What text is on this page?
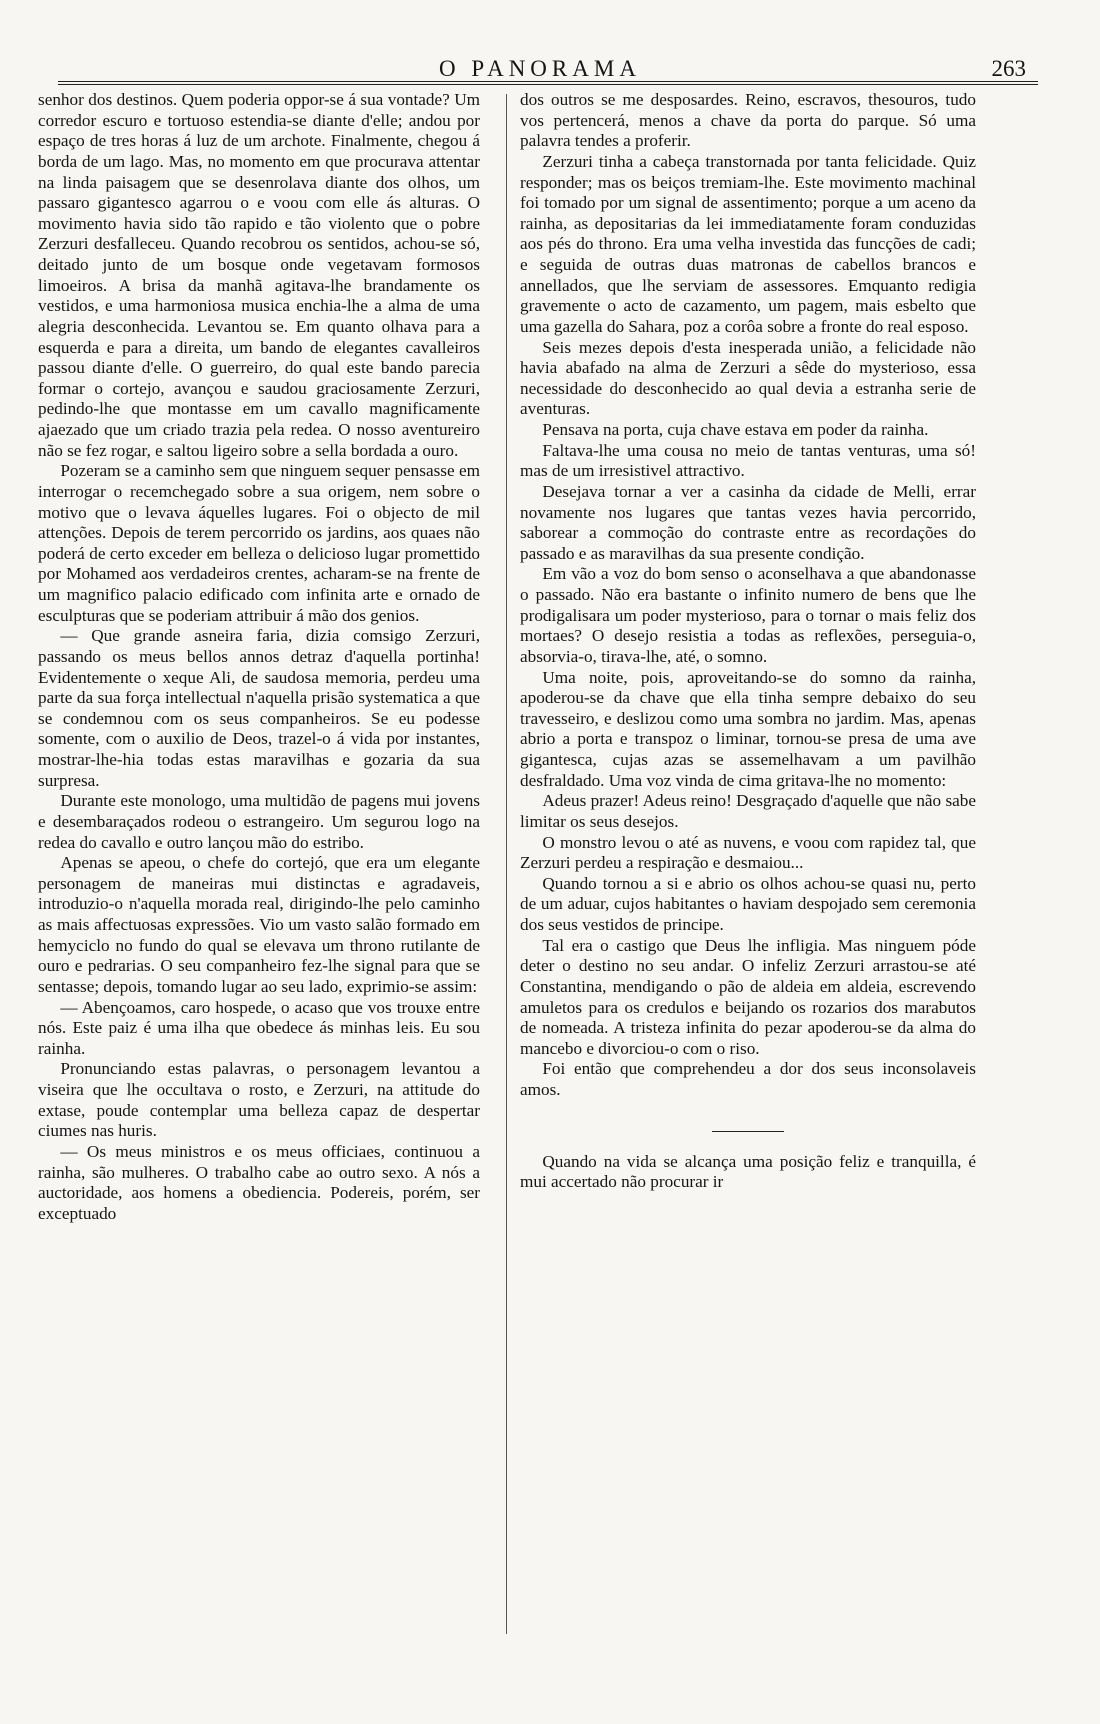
O PANORAMA	263

senhor dos destinos. Quem poderia oppor-se á sua vontade? Um corredor escuro e tortuoso estendia-se diante d'elle; andou por espaço de tres horas á luz de um archote. Finalmente, chegou á borda de um lago. Mas, no momento em que procurava attentar na linda paisagem que se desenrolava diante dos olhos, um passaro gigantesco agarrou o e voou com elle ás alturas. O movimento havia sido tão rapido e tão violento que o pobre Zerzuri desfalleceu. Quando recobrou os sentidos, achou-se só, deitado junto de um bosque onde vegetavam formosos limoeiros. A brisa da manhã agitava-lhe brandamente os vestidos, e uma harmoniosa musica enchia-lhe a alma de uma alegria desconhecida. Levantou se. Em quanto olhava para a esquerda e para a direita, um bando de elegantes cavalleiros passou diante d'elle. O guerreiro, do qual este bando parecia formar o cortejo, avançou e saudou graciosamente Zerzuri, pedindo-lhe que montasse em um cavallo magnificamente ajaezado que um criado trazia pela redea. O nosso aventureiro não se fez rogar, e saltou ligeiro sobre a sella bordada a ouro.

Pozeram se a caminho sem que ninguem sequer pensasse em interrogar o recemchegado sobre a sua origem, nem sobre o motivo que o levava áquelles lugares. Foi o objecto de mil attenções. Depois de terem percorrido os jardins, aos quaes não poderá de certo exceder em belleza o delicioso lugar promettido por Mohamed aos verdadeiros crentes, acharam-se na frente de um magnifico palacio edificado com infinita arte e ornado de esculpturas que se poderiam attribuir á mão dos genios.

— Que grande asneira faria, dizia comsigo Zerzuri, passando os meus bellos annos detraz d'aquella portinha! Evidentemente o xeque Ali, de saudosa memoria, perdeu uma parte da sua força intellectual n'aquella prisão systematica a que se condemnou com os seus companheiros. Se eu podesse somente, com o auxilio de Deos, trazel-o á vida por instantes, mostrar-lhe-hia todas estas maravilhas e gozaria da sua surpresa.

Durante este monologo, uma multidão de pagens mui jovens e desembaraçados rodeou o estrangeiro. Um segurou logo na redea do cavallo e outro lançou mão do estribo.

Apenas se apeou, o chefe do cortejó, que era um elegante personagem de maneiras mui distinctas e agradaveis, introduzio-o n'aquella morada real, dirigindo-lhe pelo caminho as mais affectuosas expressões. Vio um vasto salão formado em hemyciclo no fundo do qual se elevava um throno rutilante de ouro e pedrarias. O seu companheiro fez-lhe signal para que se sentasse; depois, tomando lugar ao seu lado, exprimio-se assim:

— Abençoamos, caro hospede, o acaso que vos trouxe entre nós. Este paiz é uma ilha que obedece ás minhas leis. Eu sou rainha.

Pronunciando estas palavras, o personagem levantou a viseira que lhe occultava o rosto, e Zerzuri, na attitude do extase, poude contemplar uma belleza capaz de despertar ciumes nas huris.

— Os meus ministros e os meus officiaes, continuou a rainha, são mulheres. O trabalho cabe ao outro sexo. A nós a auctoridade, aos homens a obediencia. Podereis, porém, ser exceptuado

dos outros se me desposardes. Reino, escravos, thesouros, tudo vos pertencerá, menos a chave da porta do parque. Só uma palavra tendes a proferir.

Zerzuri tinha a cabeça transtornada por tanta felicidade. Quiz responder; mas os beiços tremiam-lhe. Este movimento machinal foi tomado por um signal de assentimento; porque a um aceno da rainha, as depositarias da lei immediatamente foram conduzidas aos pés do throno. Era uma velha investida das funcções de cadi; e seguida de outras duas matronas de cabellos brancos e annellados, que lhe serviam de assessores. Emquanto redigia gravemente o acto de cazamento, um pagem, mais esbelto que uma gazella do Sahara, poz a corôa sobre a fronte do real esposo.

Seis mezes depois d'esta inesperada união, a felicidade não havia abafado na alma de Zerzuri a sêde do mysterioso, essa necessidade do desconhecido ao qual devia a estranha serie de aventuras.

Pensava na porta, cuja chave estava em poder da rainha.

Faltava-lhe uma cousa no meio de tantas venturas, uma só! mas de um irresistivel attractivo.

Desejava tornar a ver a casinha da cidade de Melli, errar novamente nos lugares que tantas vezes havia percorrido, saborear a commoção do contraste entre as recordações do passado e as maravilhas da sua presente condição.

Em vão a voz do bom senso o aconselhava a que abandonasse o passado. Não era bastante o infinito numero de bens que lhe prodigalisara um poder mysterioso, para o tornar o mais feliz dos mortaes? O desejo resistia a todas as reflexões, perseguia-o, absorvia-o, tirava-lhe, até, o somno.

Uma noite, pois, aproveitando-se do somno da rainha, apoderou-se da chave que ella tinha sempre debaixo do seu travesseiro, e deslizou como uma sombra no jardim. Mas, apenas abrio a porta e transpoz o liminar, tornou-se presa de uma ave gigantesca, cujas azas se assemelhavam a um pavilhão desfraldado. Uma voz vinda de cima gritava-lhe no momento:

Adeus prazer! Adeus reino! Desgraçado d'aquelle que não sabe limitar os seus desejos.

O monstro levou o até as nuvens, e voou com rapidez tal, que Zerzuri perdeu a respiração e desmaiou...

Quando tornou a si e abrio os olhos achou-se quasi nu, perto de um aduar, cujos habitantes o haviam despojado sem ceremonia dos seus vestidos de principe.

Tal era o castigo que Deus lhe infligia. Mas ninguem póde deter o destino no seu andar. O infeliz Zerzuri arrastou-se até Constantina, mendigando o pão de aldeia em aldeia, escrevendo amuletos para os credulos e beijando os rozarios dos marabutos de nomeada. A tristeza infinita do pezar apoderou-se da alma do mancebo e divorciou-o com o riso.

Foi então que comprehendeu a dor dos seus inconsolaveis amos.

Quando na vida se alcança uma posição feliz e tranquilla, é mui accertado não procurar ir
